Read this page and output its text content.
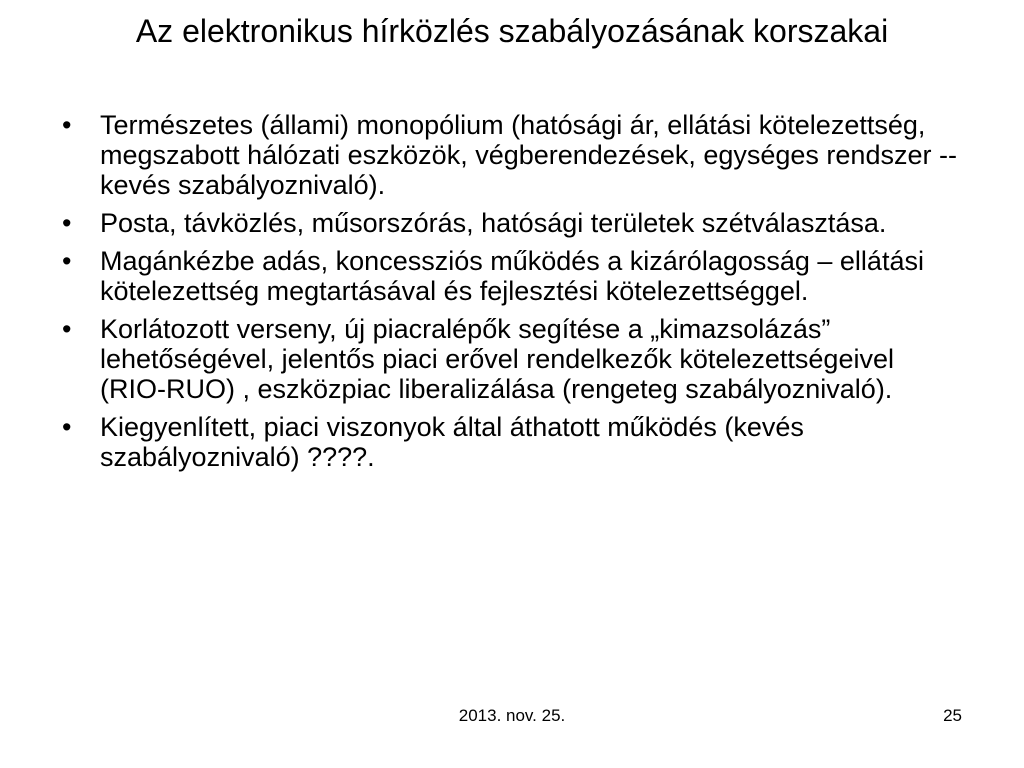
Az elektronikus hírközlés szabályozásának korszakai
•	Természetes (állami) monopólium (hatósági ár, ellátási kötelezettség, megszabott hálózati eszközök, végberendezések, egységes rendszer -- kevés szabályoznivaló).
•	Posta, távközlés, műsorszórás, hatósági területek szétválasztása.
•	Magánkézbe adás, koncessziós működés a kizárólagosság – ellátási kötelezettség megtartásával és fejlesztési kötelezettséggel.
•	Korlátozott verseny, új piacralépők segítése a „kimazsolázás” lehetőségével, jelentős piaci erővel rendelkezők kötelezettségeivel (RIO-RUO) , eszközpiac liberalizálása (rengeteg szabályoznivaló).
•	Kiegyenlített, piaci viszonyok által áthatott működés (kevés szabályoznivaló) ????.
2013. nov. 25.	25
